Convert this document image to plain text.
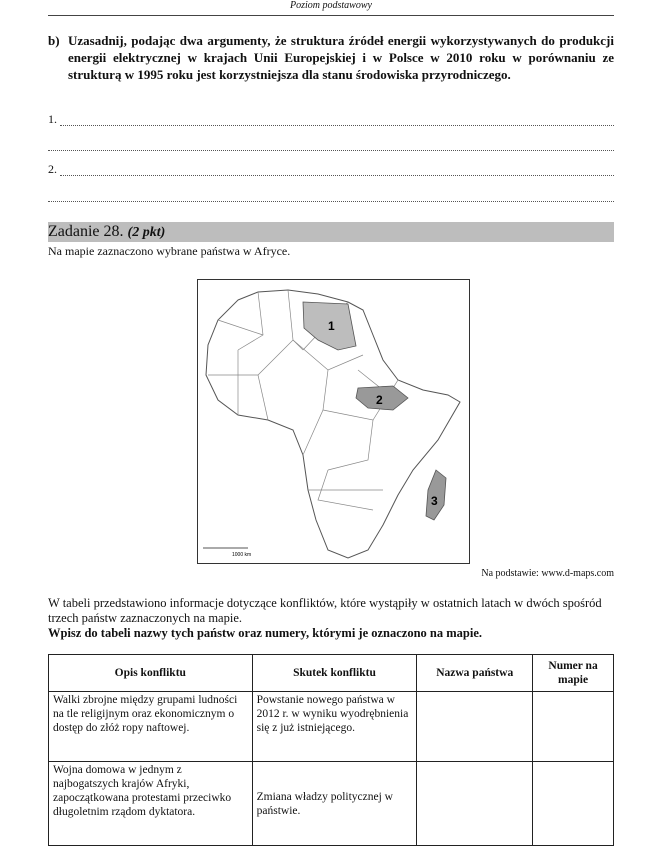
Poziom podstawowy
b) Uzasadnij, podając dwa argumenty, że struktura źródeł energii wykorzystywanych do produkcji energii elektrycznej w krajach Unii Europejskiej i w Polsce w 2010 roku w porównaniu ze strukturą w 1995 roku jest korzystniejsza dla stanu środowiska przyrodniczego.
1.
2.
Zadanie 28. (2 pkt)
Na mapie zaznaczono wybrane państwa w Afryce.
1
2
3
1000 km
Na podstawie: www.d-maps.com
W tabeli przedstawiono informacje dotyczące konfliktów, które wystąpiły w ostatnich latach w dwóch spośród trzech państw zaznaczonych na mapie.
Wpisz do tabeli nazwy tych państw oraz numery, którymi je oznaczono na mapie.
Opis konfliktu	Skutek konfliktu	Nazwa państwa	Numer na mapie
Walki zbrojne między grupami ludności na tle religijnym oraz ekonomicznym o dostęp do złóż ropy naftowej.	Powstanie nowego państwa w 2012 r. w wyniku wyodrębnienia się z już istniejącego.		
Wojna domowa w jednym z najbogatszych krajów Afryki, zapoczątkowana protestami przeciwko długoletnim rządom dyktatora.	Zmiana władzy politycznej w państwie.		
